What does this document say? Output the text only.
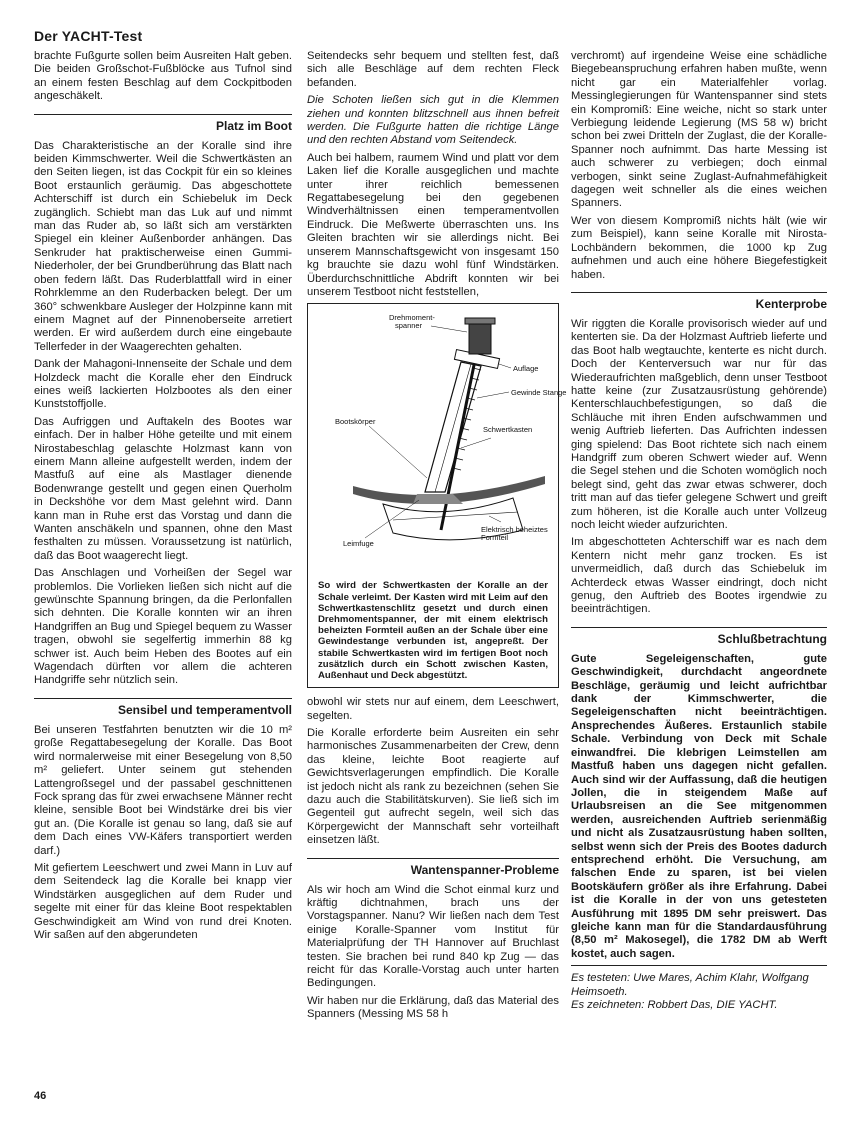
Der YACHT-Test

brachte Fußgurte sollen beim Ausreiten Halt geben. Die beiden Großschot-Fußblöcke aus Tufnol sind an einem festen Beschlag auf dem Cockpitboden angeschäkelt.

Platz im Boot

Das Charakteristische an der Koralle sind ihre beiden Kimmschwerter. Weil die Schwertkästen an den Seiten liegen, ist das Cockpit für ein so kleines Boot erstaunlich geräumig. Das abgeschottete Achterschiff ist durch ein Schiebeluk im Deck zugänglich. Schiebt man das Luk auf und nimmt man das Ruder ab, so läßt sich am verstärkten Spiegel ein kleiner Außenborder anhängen. Das Senkruder hat praktischerweise einen Gummi-Niederholer, der bei Grundberührung das Blatt nach oben federn läßt. Das Ruderblattfall wird in einer Rohrklemme an den Ruderbacken belegt. Der um 360° schwenkbare Ausleger der Holzpinne kann mit einem Magnet auf der Pinnenoberseite arretiert werden. Er wird außerdem durch eine eingebaute Tellerfeder in der Waagerechten gehalten.

Dank der Mahagoni-Innenseite der Schale und dem Holzdeck macht die Koralle eher den Eindruck eines weiß lackierten Holzbootes als den einer Kunststoffjolle.

Das Aufriggen und Auftakeln des Bootes war einfach. Der in halber Höhe geteilte und mit einem Nirostabeschlag gelaschte Holzmast kann von einem Mann alleine aufgestellt werden, indem der Mastfuß auf eine als Mastlager dienende Bodenwrange gestellt und gegen einen Querholm in Deckshöhe vor dem Mast gelehnt wird. Dann kann man in Ruhe erst das Vorstag und dann die Wanten anschäkeln und spannen, ohne den Mast festhalten zu müssen. Voraussetzung ist natürlich, daß das Boot waagerecht liegt.

Das Anschlagen und Vorheißen der Segel war problemlos. Die Vorlieken ließen sich nicht auf die gewünschte Spannung bringen, da die Perlonfallen sich dehnten. Die Koralle konnten wir an ihren Handgriffen an Bug und Spiegel bequem zu Wasser tragen, obwohl sie segelfertig immerhin 88 kg schwer ist. Auch beim Heben des Bootes auf ein Wagendach dürften vor allem die achteren Handgriffe sehr nützlich sein.

Sensibel und temperamentvoll

Bei unseren Testfahrten benutzten wir die 10 m² große Regattabesegelung der Koralle. Das Boot wird normalerweise mit einer Besegelung von 8,50 m² geliefert. Unter seinem gut stehenden Lattengroßsegel und der passabel geschnittenen Fock sprang das für zwei erwachsene Männer recht kleine, sensible Boot bei Windstärke drei bis vier gut an. (Die Koralle ist genau so lang, daß sie auf dem Dach eines VW-Käfers transportiert werden darf.)

Mit gefiertem Leeschwert und zwei Mann in Luv auf dem Seitendeck lag die Koralle bei knapp vier Windstärken ausgeglichen auf dem Ruder und segelte mit einer für das kleine Boot respektablen Geschwindigkeit am Wind von rund drei Knoten. Wir saßen auf den abgerundeten

Seitendecks sehr bequem und stellten fest, daß sich alle Beschläge auf dem rechten Fleck befanden.

Die Schoten ließen sich gut in die Klemmen ziehen und konnten blitzschnell aus ihnen befreit werden. Die Fußgurte hatten die richtige Länge und den rechten Abstand vom Seitendeck.

Auch bei halbem, raumem Wind und platt vor dem Laken lief die Koralle ausgeglichen und machte unter ihrer reichlich bemessenen Regattabesegelung bei den gegebenen Windverhältnissen einen temperamentvollen Eindruck. Die Meßwerte überraschten uns. Ins Gleiten brachten wir sie allerdings nicht. Bei unserem Mannschaftsgewicht von insgesamt 150 kg brauchte sie dazu wohl fünf Windstärken. Überdurchschnittliche Abdrift konnten wir bei unserem Testboot nicht feststellen,

Drehmoment-spanner
Auflage
Gewinde Stange
Bootskörper
Schwertkasten
Leimfuge
Elektrisch beheiztes Formteil
So wird der Schwertkasten der Koralle an der Schale verleimt. Der Kasten wird mit Leim auf den Schwertkastenschlitz gesetzt und durch einen Drehmomentspanner, der mit einem elektrisch beheizten Formteil außen an der Schale über eine Gewindestange verbunden ist, angepreßt. Der stabile Schwertkasten wird im fertigen Boot noch zusätzlich durch ein Schott zwischen Kasten, Außenhaut und Deck abgestützt.

obwohl wir stets nur auf einem, dem Leeschwert, segelten.

Die Koralle erforderte beim Ausreiten ein sehr harmonisches Zusammenarbeiten der Crew, denn das kleine, leichte Boot reagierte auf Gewichtsverlagerungen empfindlich. Die Koralle ist jedoch nicht als rank zu bezeichnen (sehen Sie dazu auch die Stabilitätskurven). Sie ließ sich im Gegenteil gut aufrecht segeln, weil sich das Körpergewicht der Mannschaft sehr vorteilhaft einsetzen läßt.

Wantenspanner-Probleme

Als wir hoch am Wind die Schot einmal kurz und kräftig dichtnahmen, brach uns der Vorstagspanner. Nanu? Wir ließen nach dem Test einige Koralle-Spanner vom Institut für Materialprüfung der TH Hannover auf Bruchlast testen. Sie brachen bei rund 840 kp Zug — das reicht für das Koralle-Vorstag auch unter harten Bedingungen.

Wir haben nur die Erklärung, daß das Material des Spanners (Messing MS 58 h

verchromt) auf irgendeine Weise eine schädliche Biegebeanspruchung erfahren haben mußte, wenn nicht gar ein Materialfehler vorlag. Messinglegierungen für Wantenspanner sind stets ein Kompromiß: Eine weiche, nicht so stark unter Verbiegung leidende Legierung (MS 58 w) bricht schon bei zwei Dritteln der Zuglast, die der Koralle-Spanner noch aufnimmt. Das harte Messing ist auch schwerer zu verbiegen; doch einmal verbogen, sinkt seine Zuglast-Aufnahmefähigkeit dagegen weit schneller als die eines weichen Spanners.

Wer von diesem Kompromiß nichts hält (wie wir zum Beispiel), kann seine Koralle mit Nirosta-Lochbändern bekommen, die 1000 kp Zug aufnehmen und auch eine höhere Biegefestigkeit haben.

Kenterprobe

Wir riggten die Koralle provisorisch wieder auf und kenterten sie. Da der Holzmast Auftrieb lieferte und das Boot halb wegtauchte, kenterte es nicht durch. Doch der Kenterversuch war nur für das Wiederaufrichten maßgeblich, denn unser Testboot hatte keine (zur Zusatzausrüstung gehörende) Kenterschlauchbefestigungen, so daß die Schläuche mit ihren Enden aufschwammen und wenig Auftrieb lieferten. Das Aufrichten indessen ging spielend: Das Boot richtete sich nach einem Handgriff zum oberen Schwert wieder auf. Wenn die Segel stehen und die Schoten womöglich noch belegt sind, geht das zwar etwas schwerer, doch tritt man auf das tiefer gelegene Schwert und greift zum höheren, ist die Koralle auch unter Vollzeug noch leicht wieder aufzurichten.

Im abgeschotteten Achterschiff war es nach dem Kentern nicht mehr ganz trocken. Es ist unvermeidlich, daß durch das Schiebeluk im Achterdeck etwas Wasser eindringt, doch nicht genug, den Auftrieb des Bootes irgendwie zu beeinträchtigen.

Schlußbetrachtung

Gute Segeleigenschaften, gute Geschwindigkeit, durchdacht angeordnete Beschläge, geräumig und leicht aufrichtbar dank der Kimmschwerter, die Segeleigenschaften nicht beeinträchtigen. Ansprechendes Äußeres. Erstaunlich stabile Schale. Verbindung von Deck mit Schale einwandfrei. Die klebrigen Leimstellen am Mastfuß haben uns dagegen nicht gefallen. Auch sind wir der Auffassung, daß die heutigen Jollen, die in steigendem Maße auf Urlaubsreisen an die See mitgenommen werden, ausreichenden Auftrieb serienmäßig und nicht als Zusatzausrüstung haben sollten, selbst wenn sich der Preis des Bootes dadurch entsprechend erhöht. Die Versuchung, am falschen Ende zu sparen, ist bei vielen Bootskäufern größer als ihre Erfahrung. Dabei ist die Koralle in der von uns getesteten Ausführung mit 1895 DM sehr preiswert. Das gleiche kann man für die Standardausführung (8,50 m² Makosegel), die 1782 DM ab Werft kostet, auch sagen.

Es testeten: Uwe Mares, Achim Klahr, Wolfgang Heimsoeth.

Es zeichneten: Robbert Das, DIE YACHT.

46
